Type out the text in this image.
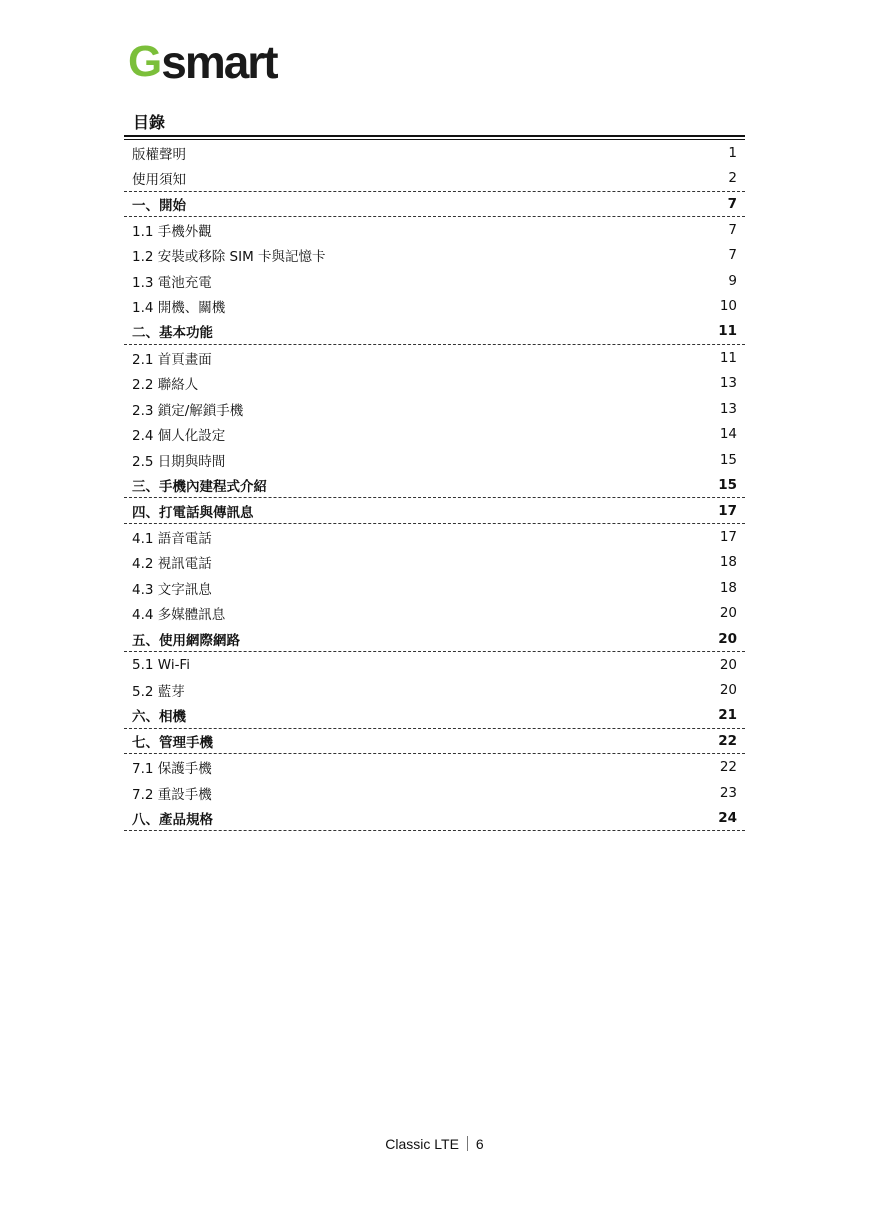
G smart
目錄
版權聲明	1
使用須知	2
一、開始	7
1.1 手機外觀	7
1.2 安裝或移除 SIM 卡與記憶卡	7
1.3 電池充電	9
1.4 開機、關機	10
二、基本功能	11
2.1 首頁畫面	11
2.2 聯絡人	13
2.3 鎖定/解鎖手機	13
2.4 個人化設定	14
2.5 日期與時間	15
三、手機內建程式介紹	15
四、打電話與傳訊息	17
4.1 語音電話	17
4.2 視訊電話	18
4.3 文字訊息	18
4.4 多媒體訊息	20
五、使用網際網路	20
5.1 Wi-Fi	20
5.2 藍芽	20
六、相機	21
七、管理手機	22
7.1 保護手機	22
7.2 重設手機	23
八、產品規格	24
Classic LTE 6
